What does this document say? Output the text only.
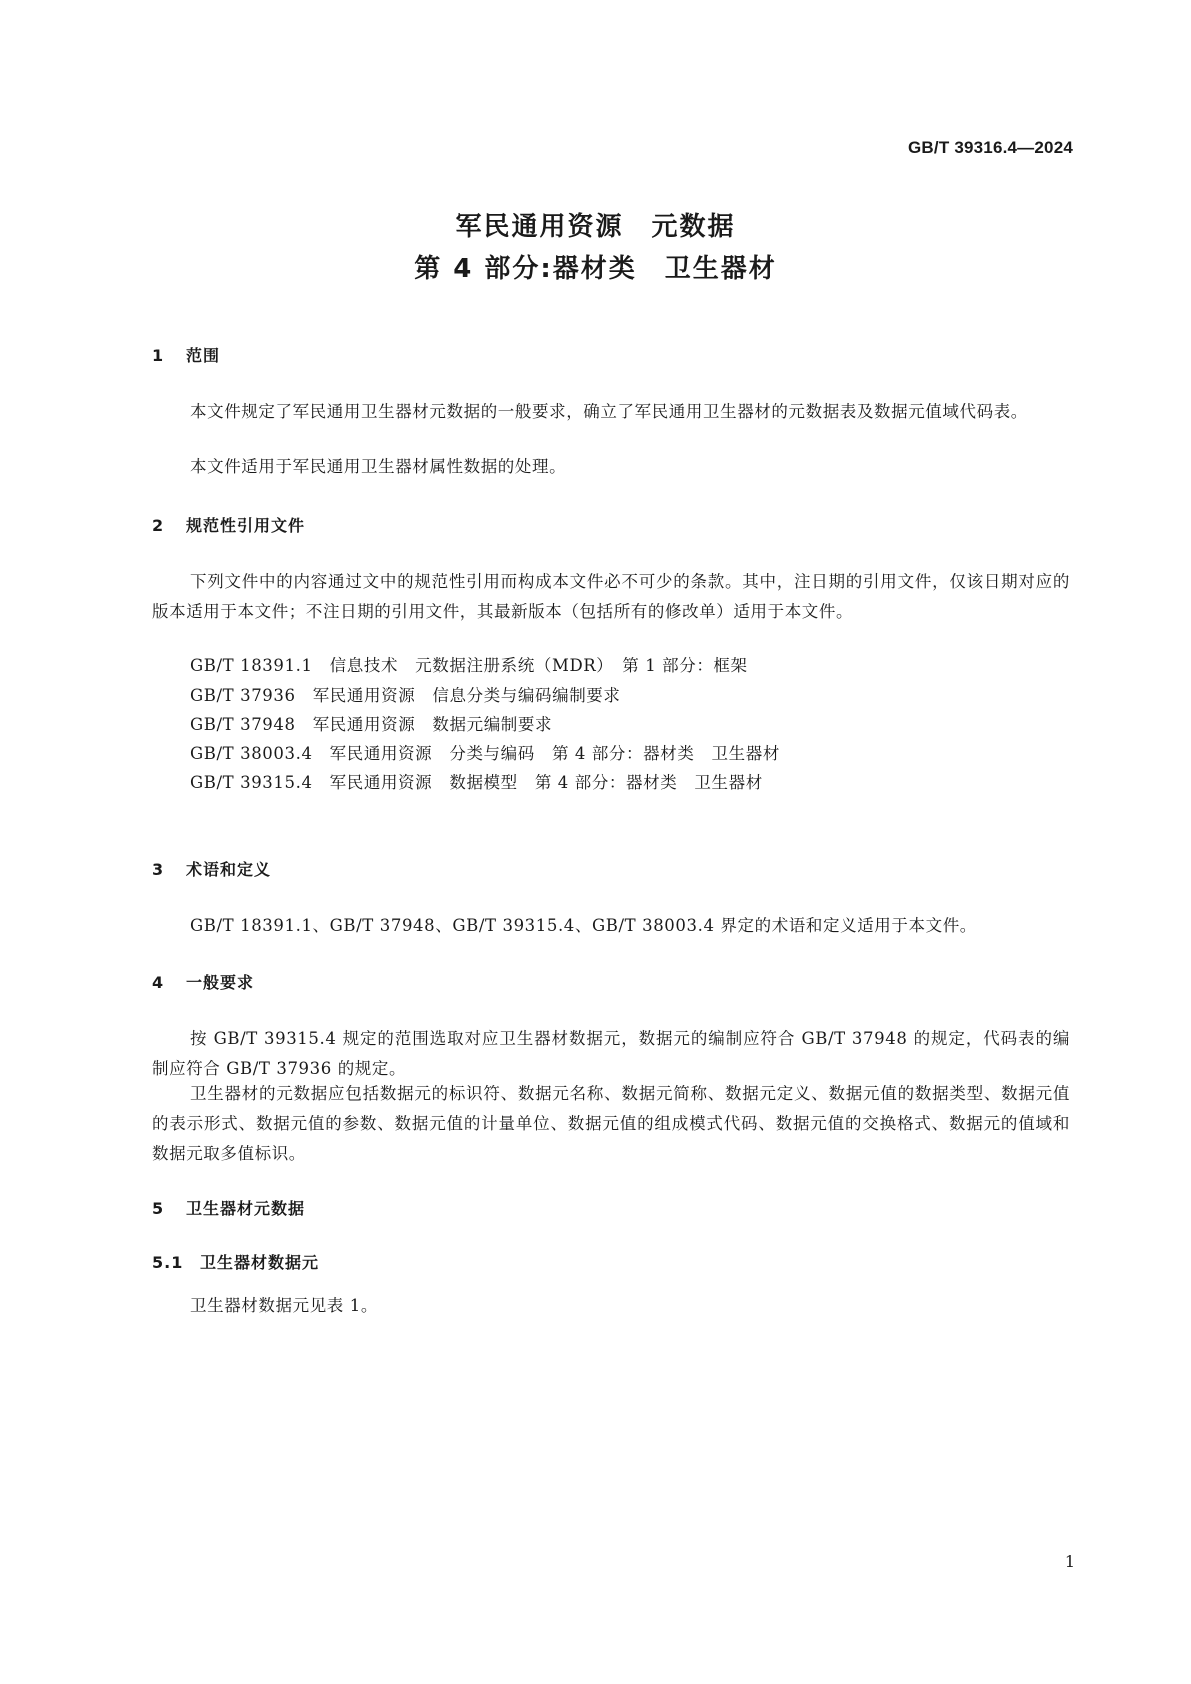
GB/T 39316.4—2024
军民通用资源　元数据
第 4 部分:器材类　卫生器材
1 范围

本文件规定了军民通用卫生器材元数据的一般要求，确立了军民通用卫生器材的元数据表及数据元值域代码表。

本文件适用于军民通用卫生器材属性数据的处理。

2 规范性引用文件

下列文件中的内容通过文中的规范性引用而构成本文件必不可少的条款。其中，注日期的引用文件，仅该日期对应的版本适用于本文件；不注日期的引用文件，其最新版本（包括所有的修改单）适用于本文件。

GB/T 18391.1　信息技术　元数据注册系统（MDR）　第 1 部分：框架

GB/T 37936　军民通用资源　信息分类与编码编制要求

GB/T 37948　军民通用资源　数据元编制要求

GB/T 38003.4　军民通用资源　分类与编码　第 4 部分：器材类　卫生器材

GB/T 39315.4　军民通用资源　数据模型　第 4 部分：器材类　卫生器材

3 术语和定义

GB/T 18391.1、GB/T 37948、GB/T 39315.4、GB/T 38003.4 界定的术语和定义适用于本文件。

4 一般要求

按 GB/T 39315.4 规定的范围选取对应卫生器材数据元，数据元的编制应符合 GB/T 37948 的规定，代码表的编制应符合 GB/T 37936 的规定。

卫生器材的元数据应包括数据元的标识符、数据元名称、数据元简称、数据元定义、数据元值的数据类型、数据元值的表示形式、数据元值的参数、数据元值的计量单位、数据元值的组成模式代码、数据元值的交换格式、数据元的值域和数据元取多值标识。

5 卫生器材元数据
5.1 卫生器材数据元

卫生器材数据元见表 1。

1
